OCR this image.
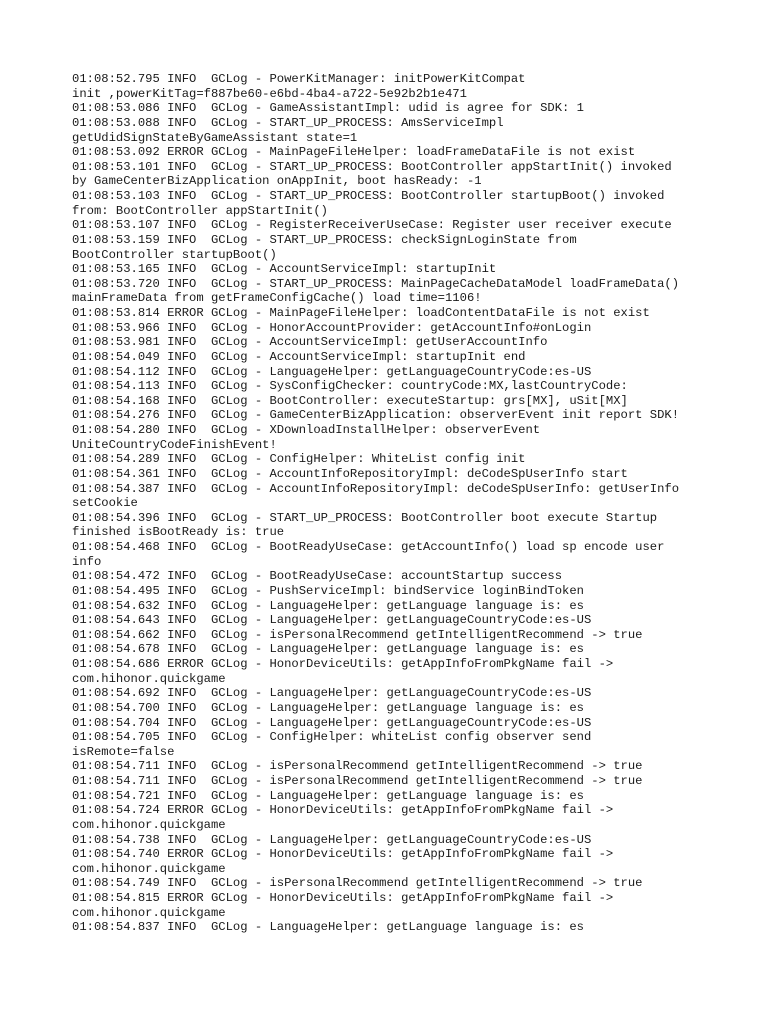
01:08:52.795 INFO  GCLog - PowerKitManager: initPowerKitCompat

init ,powerKitTag=f887be60-e6bd-4ba4-a722-5e92b2b1e471

01:08:53.086 INFO  GCLog - GameAssistantImpl: udid is agree for SDK: 1

01:08:53.088 INFO  GCLog - START_UP_PROCESS: AmsServiceImpl

getUdidSignStateByGameAssistant state=1

01:08:53.092 ERROR GCLog - MainPageFileHelper: loadFrameDataFile is not exist

01:08:53.101 INFO  GCLog - START_UP_PROCESS: BootController appStartInit() invoked

by GameCenterBizApplication onAppInit, boot hasReady: -1

01:08:53.103 INFO  GCLog - START_UP_PROCESS: BootController startupBoot() invoked

from: BootController appStartInit()

01:08:53.107 INFO  GCLog - RegisterReceiverUseCase: Register user receiver execute

01:08:53.159 INFO  GCLog - START_UP_PROCESS: checkSignLoginState from

BootController startupBoot()

01:08:53.165 INFO  GCLog - AccountServiceImpl: startupInit

01:08:53.720 INFO  GCLog - START_UP_PROCESS: MainPageCacheDataModel loadFrameData()

mainFrameData from getFrameConfigCache() load time=1106!

01:08:53.814 ERROR GCLog - MainPageFileHelper: loadContentDataFile is not exist

01:08:53.966 INFO  GCLog - HonorAccountProvider: getAccountInfo#onLogin

01:08:53.981 INFO  GCLog - AccountServiceImpl: getUserAccountInfo

01:08:54.049 INFO  GCLog - AccountServiceImpl: startupInit end

01:08:54.112 INFO  GCLog - LanguageHelper: getLanguageCountryCode:es-US

01:08:54.113 INFO  GCLog - SysConfigChecker: countryCode:MX,lastCountryCode:

01:08:54.168 INFO  GCLog - BootController: executeStartup: grs[MX], uSit[MX]

01:08:54.276 INFO  GCLog - GameCenterBizApplication: observerEvent init report SDK!

01:08:54.280 INFO  GCLog - XDownloadInstallHelper: observerEvent

UniteCountryCodeFinishEvent!

01:08:54.289 INFO  GCLog - ConfigHelper: WhiteList config init

01:08:54.361 INFO  GCLog - AccountInfoRepositoryImpl: deCodeSpUserInfo start

01:08:54.387 INFO  GCLog - AccountInfoRepositoryImpl: deCodeSpUserInfo: getUserInfo

setCookie

01:08:54.396 INFO  GCLog - START_UP_PROCESS: BootController boot execute Startup

finished isBootReady is: true

01:08:54.468 INFO  GCLog - BootReadyUseCase: getAccountInfo() load sp encode user

info

01:08:54.472 INFO  GCLog - BootReadyUseCase: accountStartup success

01:08:54.495 INFO  GCLog - PushServiceImpl: bindService loginBindToken

01:08:54.632 INFO  GCLog - LanguageHelper: getLanguage language is: es

01:08:54.643 INFO  GCLog - LanguageHelper: getLanguageCountryCode:es-US

01:08:54.662 INFO  GCLog - isPersonalRecommend getIntelligentRecommend -> true

01:08:54.678 INFO  GCLog - LanguageHelper: getLanguage language is: es

01:08:54.686 ERROR GCLog - HonorDeviceUtils: getAppInfoFromPkgName fail ->

com.hihonor.quickgame

01:08:54.692 INFO  GCLog - LanguageHelper: getLanguageCountryCode:es-US

01:08:54.700 INFO  GCLog - LanguageHelper: getLanguage language is: es

01:08:54.704 INFO  GCLog - LanguageHelper: getLanguageCountryCode:es-US

01:08:54.705 INFO  GCLog - ConfigHelper: whiteList config observer send

isRemote=false

01:08:54.711 INFO  GCLog - isPersonalRecommend getIntelligentRecommend -> true

01:08:54.711 INFO  GCLog - isPersonalRecommend getIntelligentRecommend -> true

01:08:54.721 INFO  GCLog - LanguageHelper: getLanguage language is: es

01:08:54.724 ERROR GCLog - HonorDeviceUtils: getAppInfoFromPkgName fail ->

com.hihonor.quickgame

01:08:54.738 INFO  GCLog - LanguageHelper: getLanguageCountryCode:es-US

01:08:54.740 ERROR GCLog - HonorDeviceUtils: getAppInfoFromPkgName fail ->

com.hihonor.quickgame

01:08:54.749 INFO  GCLog - isPersonalRecommend getIntelligentRecommend -> true

01:08:54.815 ERROR GCLog - HonorDeviceUtils: getAppInfoFromPkgName fail ->

com.hihonor.quickgame

01:08:54.837 INFO  GCLog - LanguageHelper: getLanguage language is: es
